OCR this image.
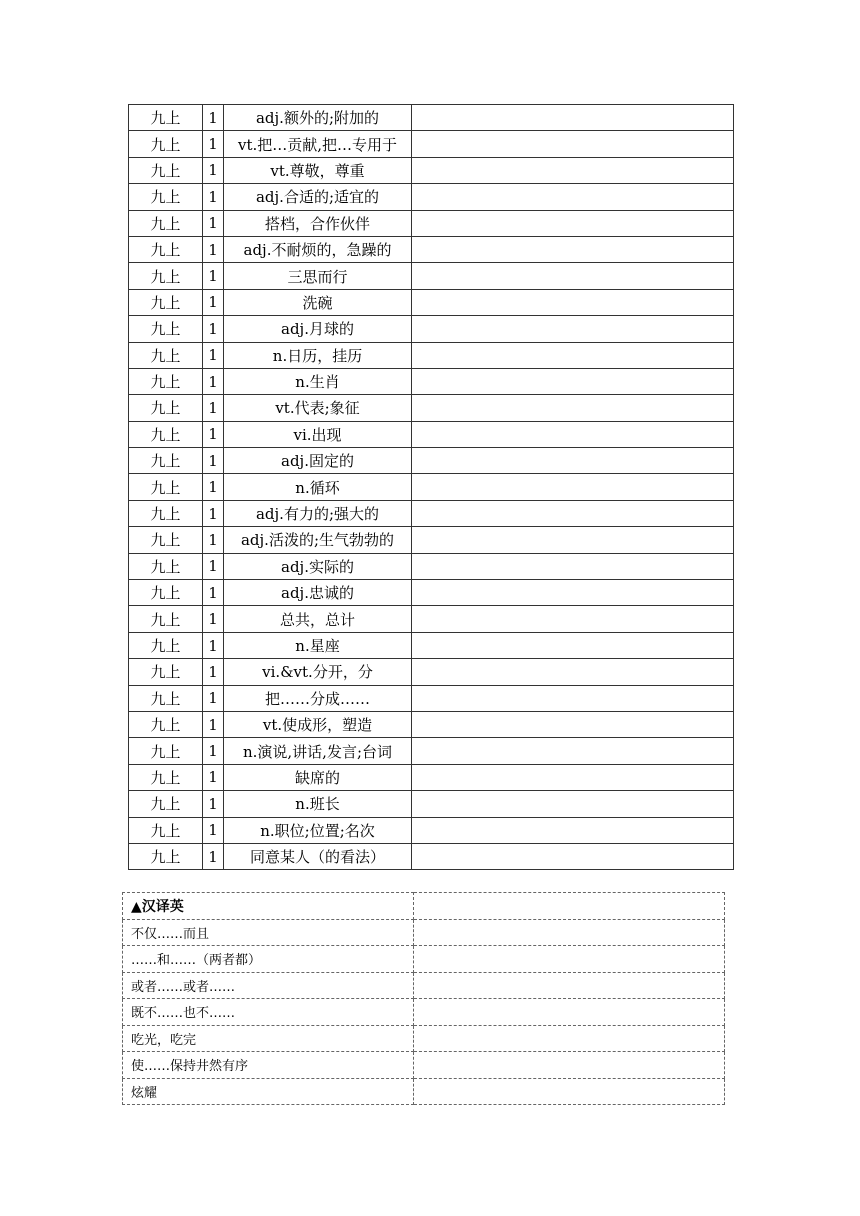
九上	1	adj.额外的;附加的	
九上	1	vt.把…贡献,把…专用于	
九上	1	vt.尊敬，尊重	
九上	1	adj.合适的;适宜的	
九上	1	搭档，合作伙伴	
九上	1	adj.不耐烦的，急躁的	
九上	1	三思而行	
九上	1	洗碗	
九上	1	adj.月球的	
九上	1	n.日历，挂历	
九上	1	n.生肖	
九上	1	vt.代表;象征	
九上	1	vi.出现	
九上	1	adj.固定的	
九上	1	n.循环	
九上	1	adj.有力的;强大的	
九上	1	adj.活泼的;生气勃勃的	
九上	1	adj.实际的	
九上	1	adj.忠诚的	
九上	1	总共，总计	
九上	1	n.星座	
九上	1	vi.&vt.分开，分	
九上	1	把……分成……	
九上	1	vt.使成形，塑造	
九上	1	n.演说,讲话,发言;台词	
九上	1	缺席的	
九上	1	n.班长	
九上	1	n.职位;位置;名次	
九上	1	同意某人（的看法）	
▲汉译英	
不仅……而且	
……和……（两者都）	
或者……或者……	
既不……也不……	
吃光，吃完	
使……保持井然有序	
炫耀	
